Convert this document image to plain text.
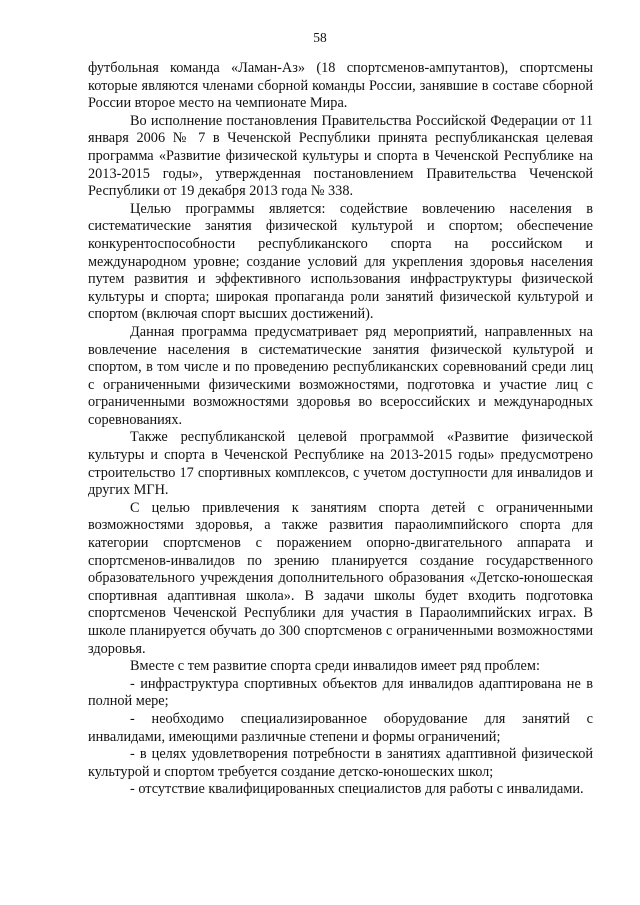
58

футбольная команда «Ламан-Аз» (18 спортсменов-ампутантов), спортсмены которые являются членами сборной команды России, занявшие в составе сборной России второе место на чемпионате Мира.

Во исполнение постановления Правительства Российской Федерации от 11 января 2006 № 7 в Чеченской Республики принята республиканская целевая программа «Развитие физической культуры и спорта в Чеченской Республике на 2013-2015 годы», утвержденная постановлением Правительства Чеченской Республики от 19 декабря 2013 года № 338.

Целью программы является: содействие вовлечению населения в систематические занятия физической культурой и спортом; обеспечение конкурентоспособности республиканского спорта на российском и международном уровне; создание условий для укрепления здоровья населения путем развития и эффективного использования инфраструктуры физической культуры и спорта; широкая пропаганда роли занятий физической культурой и спортом (включая спорт высших достижений).

Данная программа предусматривает ряд мероприятий, направленных на вовлечение населения в систематические занятия физической культурой и спортом, в том числе и по проведению республиканских соревнований среди лиц с ограниченными физическими возможностями, подготовка и участие лиц с ограниченными возможностями здоровья во всероссийских и международных соревнованиях.

Также республиканской целевой программой «Развитие физической культуры и спорта в Чеченской Республике на 2013-2015 годы» предусмотрено строительство 17 спортивных комплексов, с учетом доступности для инвалидов и других МГН.

С целью привлечения к занятиям спорта детей с ограниченными возможностями здоровья, а также развития параолимпийского спорта для категории спортсменов с поражением опорно-двигательного аппарата и спортсменов-инвалидов по зрению планируется создание государственного образовательного учреждения дополнительного образования «Детско-юношеская спортивная адаптивная школа». В задачи школы будет входить подготовка спортсменов Чеченской Республики для участия в Параолимпийских играх. В школе планируется обучать до 300 спортсменов с ограниченными возможностями здоровья.

Вместе с тем развитие спорта среди инвалидов имеет ряд проблем:

- инфраструктура спортивных объектов для инвалидов адаптирована не в полной мере;

- необходимо специализированное оборудование для занятий с инвалидами, имеющими различные степени и формы ограничений;

- в целях удовлетворения потребности в занятиях адаптивной физической культурой и спортом требуется создание детско-юношеских школ;

- отсутствие квалифицированных специалистов для работы с инвалидами.
